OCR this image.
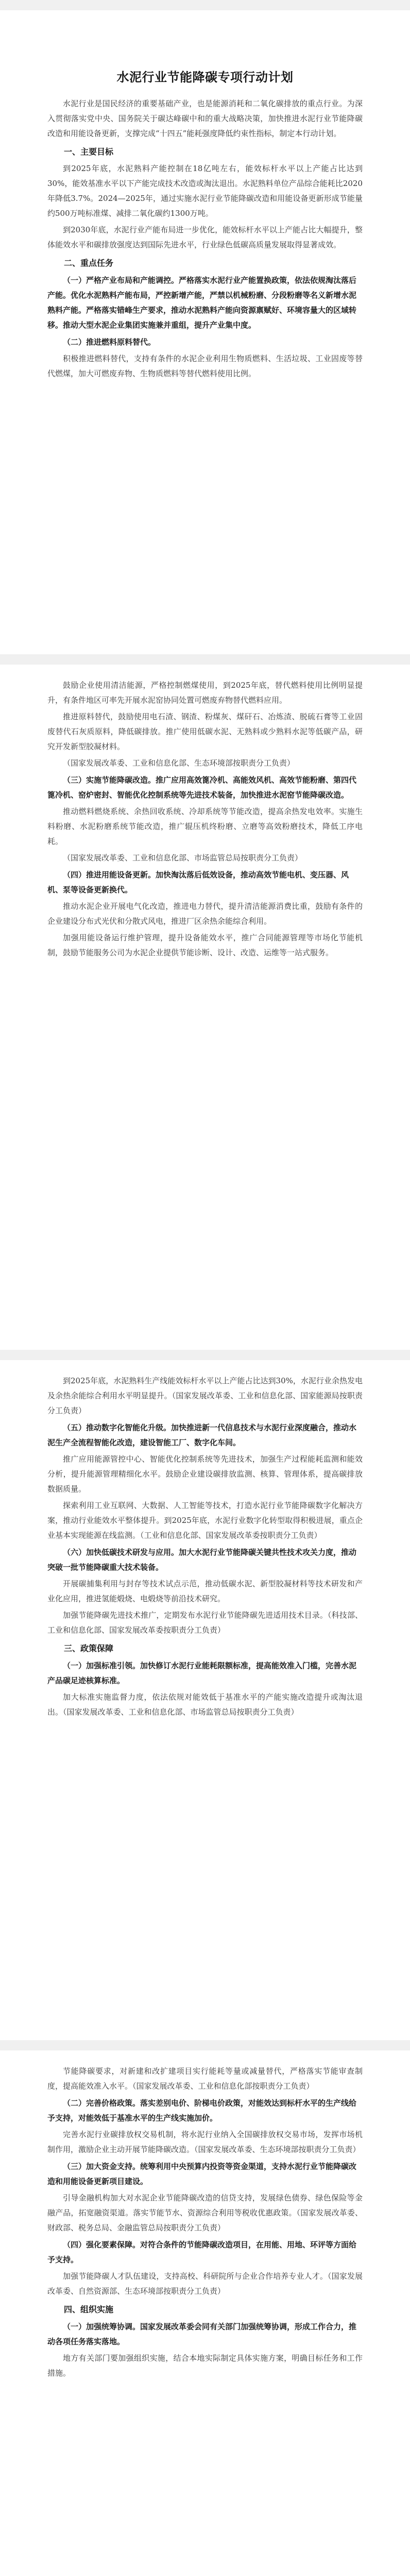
水泥行业节能降碳专项行动计划
水泥行业是国民经济的重要基础产业，也是能源消耗和二氧化碳排放的重点行业。为深入贯彻落实党中央、国务院关于碳达峰碳中和的重大战略决策，加快推进水泥行业节能降碳改造和用能设备更新，支撑完成“十四五”能耗强度降低约束性指标，制定本行动计划。
一、主要目标
到2025年底，水泥熟料产能控制在18亿吨左右，能效标杆水平以上产能占比达到30%，能效基准水平以下产能完成技术改造或淘汰退出。水泥熟料单位产品综合能耗比2020年降低3.7%。2024—2025年，通过实施水泥行业节能降碳改造和用能设备更新形成节能量约500万吨标准煤、减排二氧化碳约1300万吨。
到2030年底，水泥行业产能布局进一步优化，能效标杆水平以上产能占比大幅提升，整体能效水平和碳排放强度达到国际先进水平，行业绿色低碳高质量发展取得显著成效。
二、重点任务
（一）严格产业布局和产能调控。严格落实水泥行业产能置换政策，依法依规淘汰落后产能。优化水泥熟料产能布局，严控新增产能，严禁以机械粉磨、分段粉磨等名义新增水泥熟料产能。严格落实错峰生产要求，推动水泥熟料产能向资源禀赋好、环境容量大的区域转移。推动大型水泥企业集团实施兼并重组，提升产业集中度。
（二）推进燃料原料替代。
积极推进燃料替代，支持有条件的水泥企业利用生物质燃料、生活垃圾、工业固废等替代燃煤，加大可燃废弃物、生物质燃料等替代燃料使用比例。
鼓励企业使用清洁能源，严格控制燃煤使用，到2025年底，替代燃料使用比例明显提升，有条件地区可率先开展水泥窑协同处置可燃废弃物替代燃料应用。
推进原料替代，鼓励使用电石渣、钢渣、粉煤灰、煤矸石、冶炼渣、脱硫石膏等工业固废替代石灰质原料，降低碳排放。推广使用低碳水泥、无熟料或少熟料水泥等低碳产品，研究开发新型胶凝材料。
（国家发展改革委、工业和信息化部、生态环境部按职责分工负责）
（三）实施节能降碳改造。推广应用高效篦冷机、高能效风机、高效节能粉磨、第四代篦冷机、窑炉密封、智能优化控制系统等先进技术装备，加快推进水泥窑节能降碳改造。
推动燃料燃烧系统、余热回收系统、冷却系统等节能改造，提高余热发电效率。实施生料粉磨、水泥粉磨系统节能改造，推广辊压机终粉磨、立磨等高效粉磨技术，降低工序电耗。
（国家发展改革委、工业和信息化部、市场监管总局按职责分工负责）
（四）推进用能设备更新。加快淘汰落后低效设备，推动高效节能电机、变压器、风机、泵等设备更新换代。
推动水泥企业开展电气化改造，推进电力替代，提升清洁能源消费比重，鼓励有条件的企业建设分布式光伏和分散式风电，推进厂区余热余能综合利用。
加强用能设备运行维护管理，提升设备能效水平，推广合同能源管理等市场化节能机制，鼓励节能服务公司为水泥企业提供节能诊断、设计、改造、运维等一站式服务。
到2025年底，水泥熟料生产线能效标杆水平以上产能占比达到30%，水泥行业余热发电及余热余能综合利用水平明显提升。（国家发展改革委、工业和信息化部、国家能源局按职责分工负责）
（五）推动数字化智能化升级。加快推进新一代信息技术与水泥行业深度融合，推动水泥生产全流程智能化改造，建设智能工厂、数字化车间。
推广应用能源管控中心、智能优化控制系统等先进技术，加强生产过程能耗监测和能效分析，提升能源管理精细化水平。鼓励企业建设碳排放监测、核算、管理体系，提高碳排放数据质量。
探索利用工业互联网、大数据、人工智能等技术，打造水泥行业节能降碳数字化解决方案，推动行业能效水平整体提升。到2025年底，水泥行业数字化转型取得积极进展，重点企业基本实现能源在线监测。（工业和信息化部、国家发展改革委按职责分工负责）
（六）加快低碳技术研发与应用。加大水泥行业节能降碳关键共性技术攻关力度，推动突破一批节能降碳重大技术装备。
开展碳捕集利用与封存等技术试点示范，推动低碳水泥、新型胶凝材料等技术研发和产业化应用，推进氢能煅烧、电煅烧等前沿技术研究。
加强节能降碳先进技术推广，定期发布水泥行业节能降碳先进适用技术目录。（科技部、工业和信息化部、国家发展改革委按职责分工负责）
三、政策保障
（一）加强标准引领。加快修订水泥行业能耗限额标准，提高能效准入门槛，完善水泥产品碳足迹核算标准。
加大标准实施监督力度，依法依规对能效低于基准水平的产能实施改造提升或淘汰退出。（国家发展改革委、工业和信息化部、市场监管总局按职责分工负责）
节能降碳要求，对新建和改扩建项目实行能耗等量或减量替代，严格落实节能审查制度，提高能效准入水平。（国家发展改革委、工业和信息化部按职责分工负责）
（二）完善价格政策。落实差别电价、阶梯电价政策，对能效达到标杆水平的生产线给予支持，对能效低于基准水平的生产线实施加价。
完善水泥行业碳排放权交易机制，将水泥行业纳入全国碳排放权交易市场，发挥市场机制作用，激励企业主动开展节能降碳改造。（国家发展改革委、生态环境部按职责分工负责）
（三）加大资金支持。统筹利用中央预算内投资等资金渠道，支持水泥行业节能降碳改造和用能设备更新项目建设。
引导金融机构加大对水泥企业节能降碳改造的信贷支持，发展绿色债券、绿色保险等金融产品，拓宽融资渠道。落实节能节水、资源综合利用等税收优惠政策。（国家发展改革委、财政部、税务总局、金融监管总局按职责分工负责）
（四）强化要素保障。对符合条件的节能降碳改造项目，在用能、用地、环评等方面给予支持。
加强节能降碳人才队伍建设，支持高校、科研院所与企业合作培养专业人才。（国家发展改革委、自然资源部、生态环境部按职责分工负责）
四、组织实施
（一）加强统筹协调。国家发展改革委会同有关部门加强统筹协调，形成工作合力，推动各项任务落实落地。
地方有关部门要加强组织实施，结合本地实际制定具体实施方案，明确目标任务和工作措施。
